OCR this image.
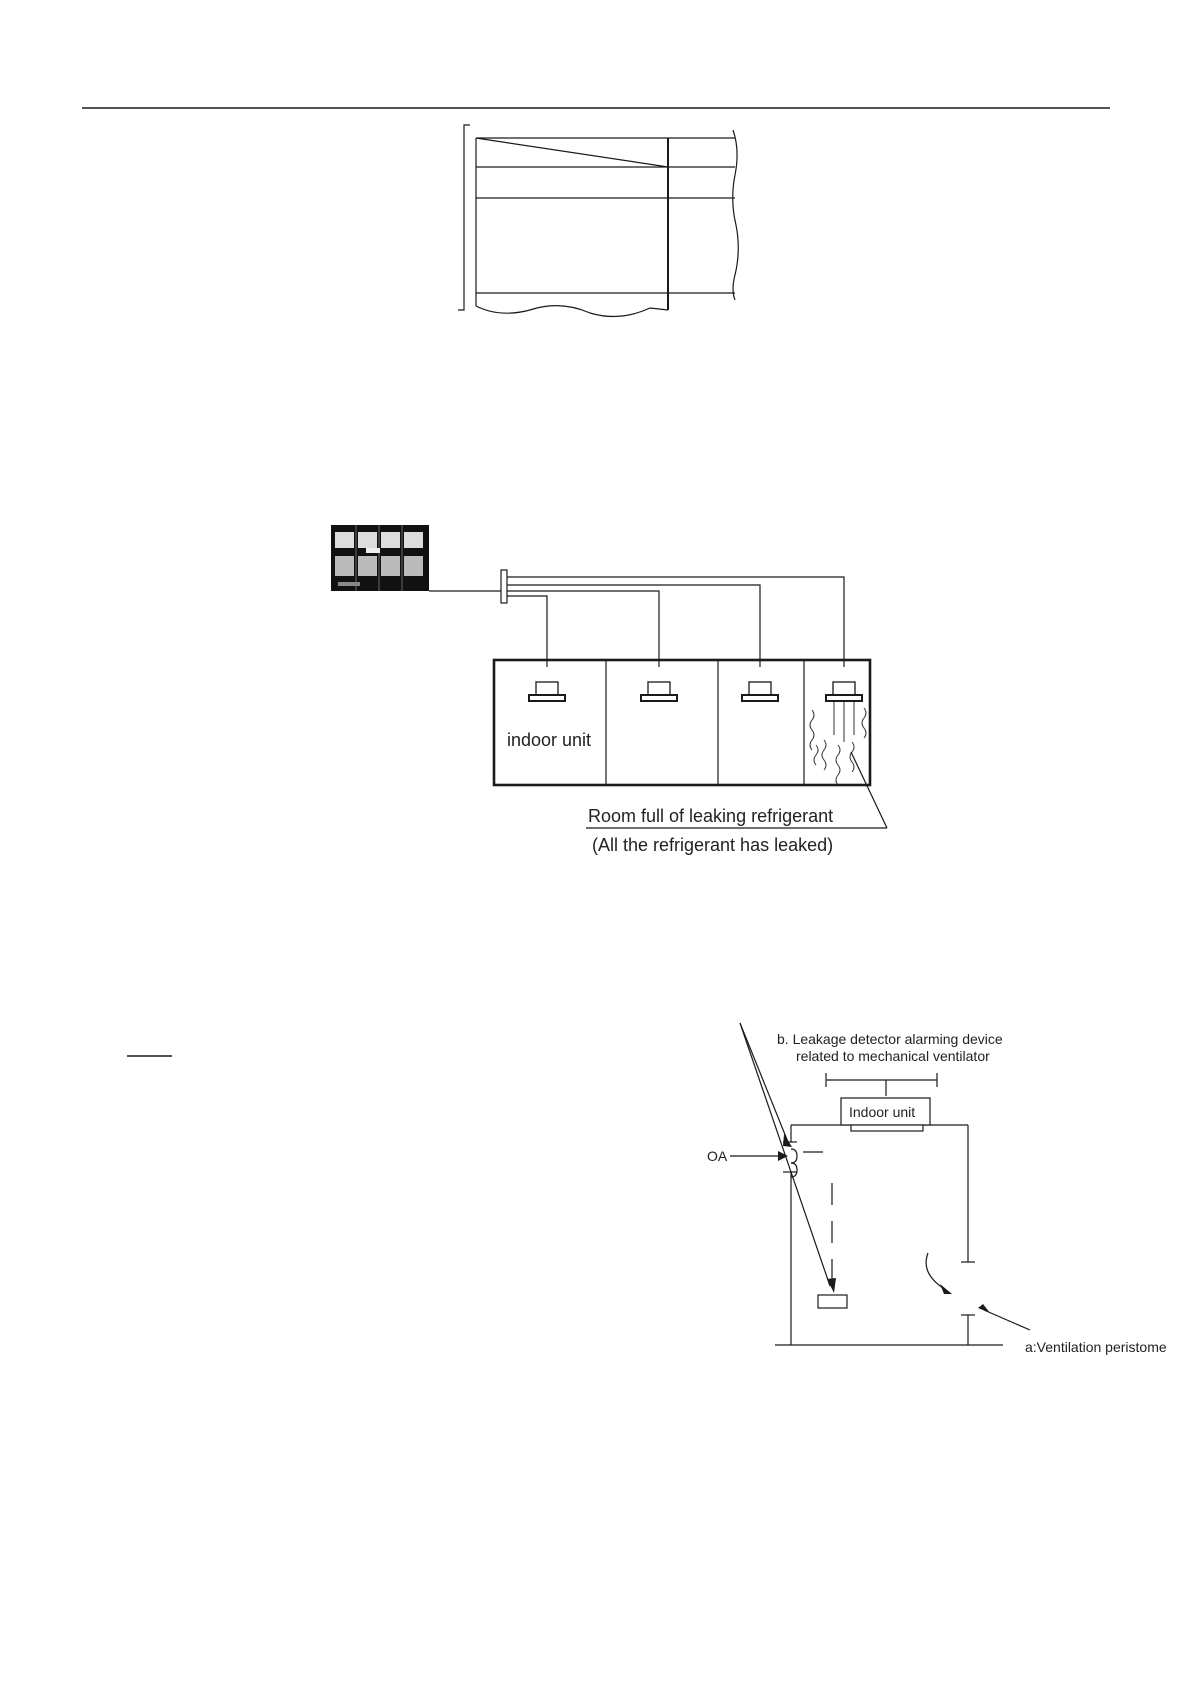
indoor unit
Room full of leaking refrigerant
(All the refrigerant has leaked)
b. Leakage detector alarming device
related to mechanical ventilator
Indoor unit
OA
a:Ventilation peristome
